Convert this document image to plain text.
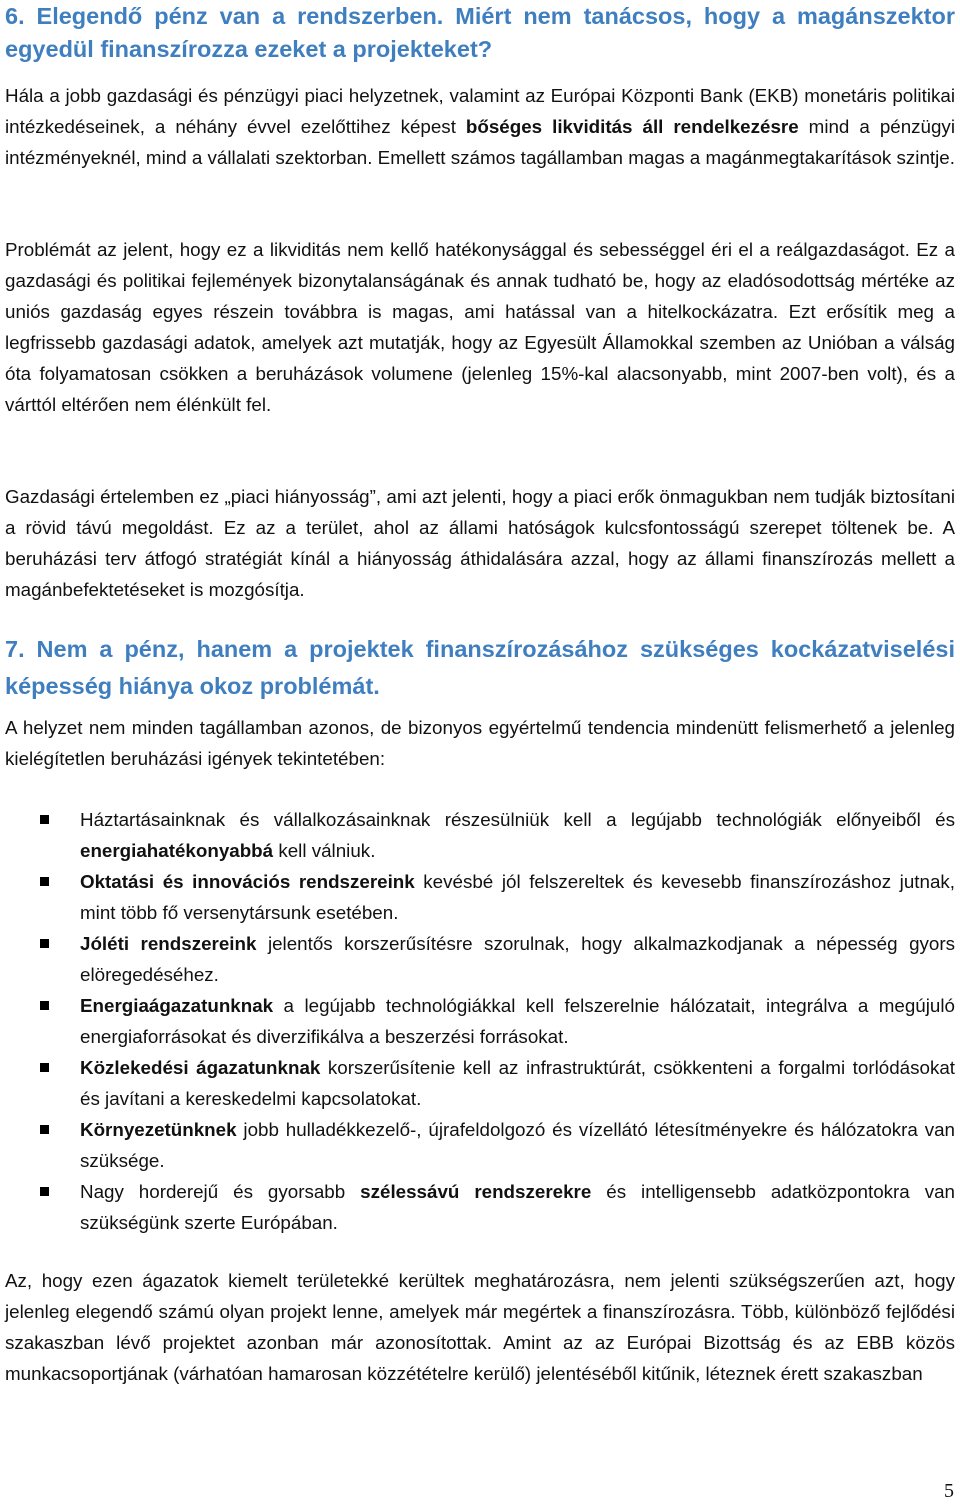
6. Elegendő pénz van a rendszerben. Miért nem tanácsos, hogy a magánszektor egyedül finanszírozza ezeket a projekteket?

Hála a jobb gazdasági és pénzügyi piaci helyzetnek, valamint az Európai Központi Bank (EKB) monetáris politikai intézkedéseinek, a néhány évvel ezelőttihez képest bőséges likviditás áll rendelkezésre mind a pénzügyi intézményeknél, mind a vállalati szektorban. Emellett számos tagállamban magas a magánmegtakarítások szintje.

Problémát az jelent, hogy ez a likviditás nem kellő hatékonysággal és sebességgel éri el a reálgazdaságot. Ez a gazdasági és politikai fejlemények bizonytalanságának és annak tudható be, hogy az eladósodottság mértéke az uniós gazdaság egyes részein továbbra is magas, ami hatással van a hitelkockázatra. Ezt erősítik meg a legfrissebb gazdasági adatok, amelyek azt mutatják, hogy az Egyesült Államokkal szemben az Unióban a válság óta folyamatosan csökken a beruházások volumene (jelenleg 15%-kal alacsonyabb, mint 2007-ben volt), és a várttól eltérően nem élénkült fel.

Gazdasági értelemben ez „piaci hiányosság”, ami azt jelenti, hogy a piaci erők önmagukban nem tudják biztosítani a rövid távú megoldást. Ez az a terület, ahol az állami hatóságok kulcsfontosságú szerepet töltenek be. A beruházási terv átfogó stratégiát kínál a hiányosság áthidalására azzal, hogy az állami finanszírozás mellett a magánbefektetéseket is mozgósítja.

7. Nem a pénz, hanem a projektek finanszírozásához szükséges kockázatviselési képesség hiánya okoz problémát.

A helyzet nem minden tagállamban azonos, de bizonyos egyértelmű tendencia mindenütt felismerhető a jelenleg kielégítetlen beruházási igények tekintetében:

Háztartásainknak és vállalkozásainknak részesülniük kell a legújabb technológiák előnyeiből és energiahatékonyabbá kell válniuk.
Oktatási és innovációs rendszereink kevésbé jól felszereltek és kevesebb finanszírozáshoz jutnak, mint több fő versenytársunk esetében.
Jóléti rendszereink jelentős korszerűsítésre szorulnak, hogy alkalmazkodjanak a népesség gyors elöregedéséhez.
Energiaágazatunknak a legújabb technológiákkal kell felszerelnie hálózatait, integrálva a megújuló energiaforrásokat és diverzifikálva a beszerzési forrásokat.
Közlekedési ágazatunknak korszerűsítenie kell az infrastruktúrát, csökkenteni a forgalmi torlódásokat és javítani a kereskedelmi kapcsolatokat.
Környezetünknek jobb hulladékkezelő-, újrafeldolgozó és vízellátó létesítményekre és hálózatokra van szüksége.
Nagy horderejű és gyorsabb szélessávú rendszerekre és intelligensebb adatközpontokra van szükségünk szerte Európában.

Az, hogy ezen ágazatok kiemelt területekké kerültek meghatározásra, nem jelenti szükségszerűen azt, hogy jelenleg elegendő számú olyan projekt lenne, amelyek már megértek a finanszírozásra. Több, különböző fejlődési szakaszban lévő projektet azonban már azonosítottak. Amint az az Európai Bizottság és az EBB közös munkacsoportjának (várhatóan hamarosan közzétételre kerülő) jelentéséből kitűnik, léteznek érett szakaszban

5
